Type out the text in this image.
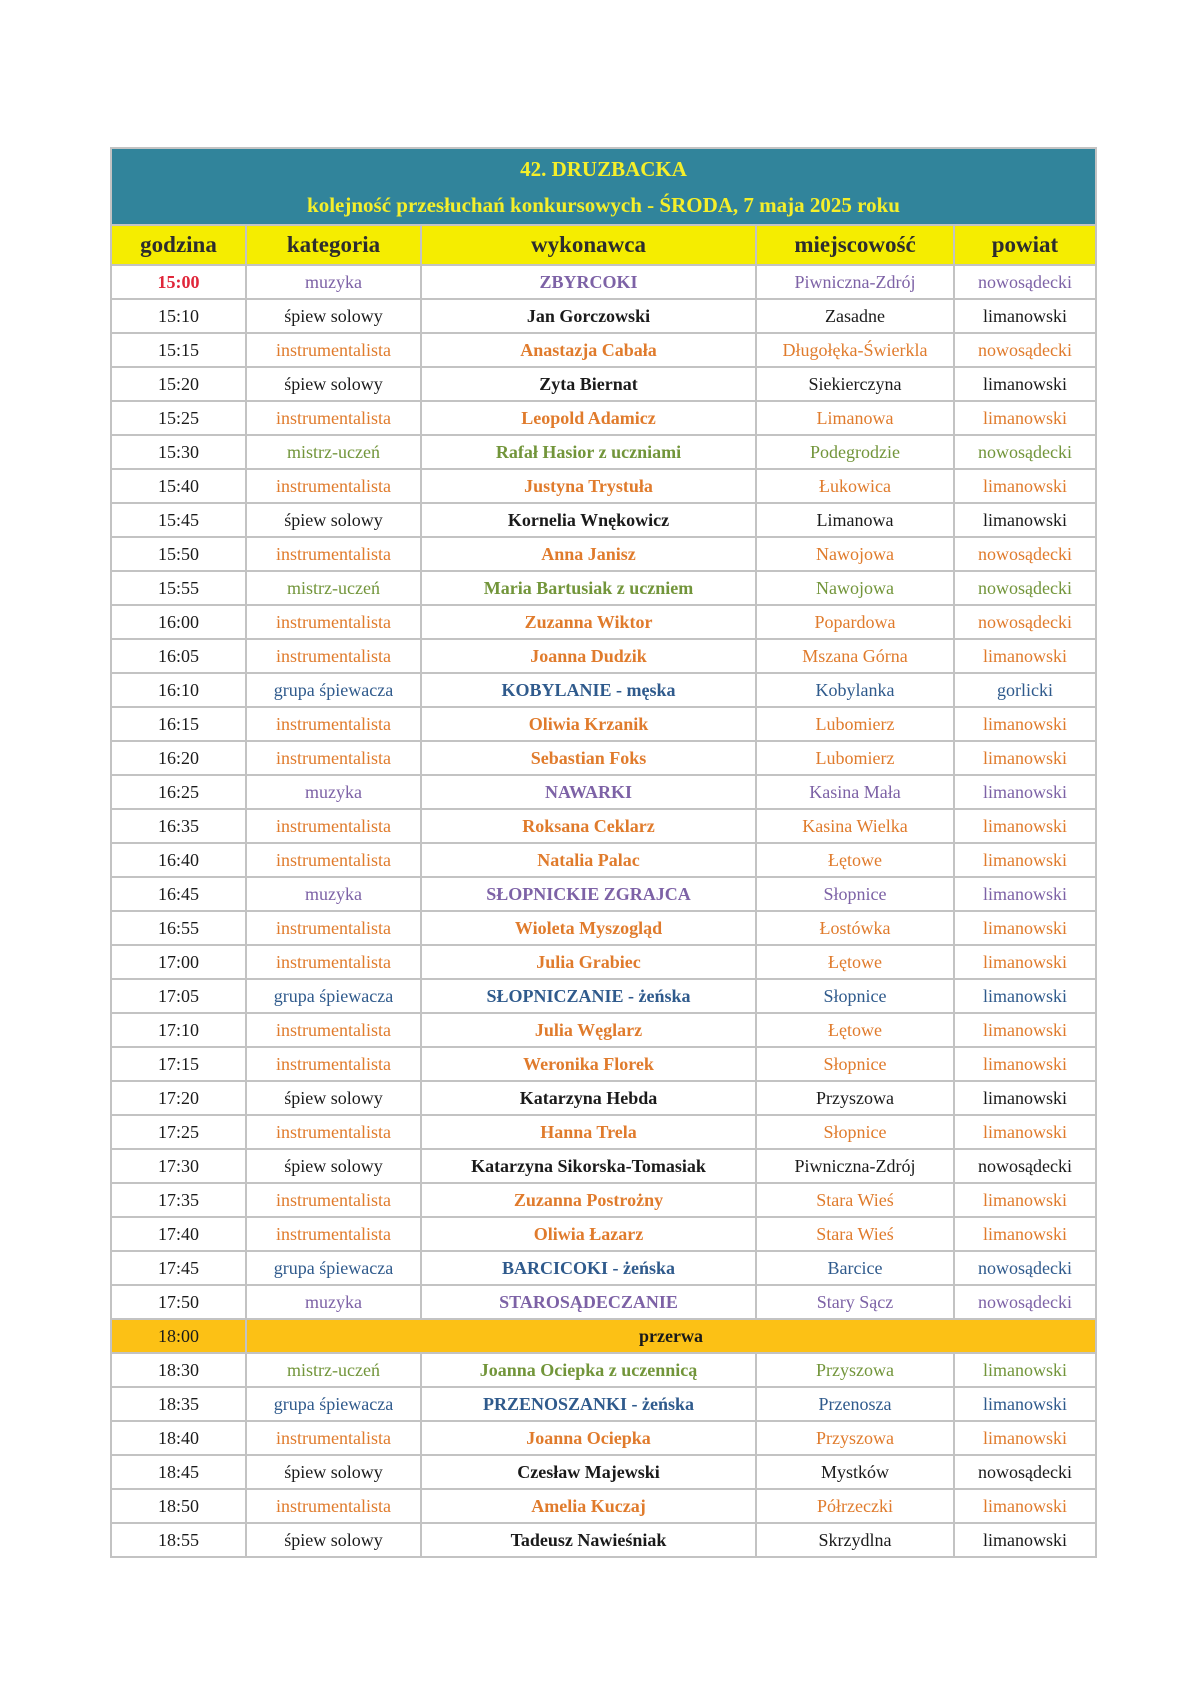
42. DRUZBACKA
kolejność przesłuchań konkursowych - ŚRODA, 7 maja 2025 roku				

godzina	kategoria	wykonawca	miejscowość	powiat
15:00	muzyka	ZBYRCOKI	Piwniczna-Zdrój	nowosądecki
15:10	śpiew solowy	Jan Gorczowski	Zasadne	limanowski
15:15	instrumentalista	Anastazja Cabała	Długołęka-Świerkla	nowosądecki
15:20	śpiew solowy	Zyta Biernat	Siekierczyna	limanowski
15:25	instrumentalista	Leopold Adamicz	Limanowa	limanowski
15:30	mistrz-uczeń	Rafał Hasior z uczniami	Podegrodzie	nowosądecki
15:40	instrumentalista	Justyna Trystuła	Łukowica	limanowski
15:45	śpiew solowy	Kornelia Wnękowicz	Limanowa	limanowski
15:50	instrumentalista	Anna Janisz	Nawojowa	nowosądecki
15:55	mistrz-uczeń	Maria Bartusiak z uczniem	Nawojowa	nowosądecki
16:00	instrumentalista	Zuzanna Wiktor	Popardowa	nowosądecki
16:05	instrumentalista	Joanna Dudzik	Mszana Górna	limanowski
16:10	grupa śpiewacza	KOBYLANIE - męska	Kobylanka	gorlicki
16:15	instrumentalista	Oliwia Krzanik	Lubomierz	limanowski
16:20	instrumentalista	Sebastian Foks	Lubomierz	limanowski
16:25	muzyka	NAWARKI	Kasina Mała	limanowski
16:35	instrumentalista	Roksana Ceklarz	Kasina Wielka	limanowski
16:40	instrumentalista	Natalia Palac	Łętowe	limanowski
16:45	muzyka	SŁOPNICKIE ZGRAJCA	Słopnice	limanowski
16:55	instrumentalista	Wioleta Myszogląd	Łostówka	limanowski
17:00	instrumentalista	Julia Grabiec	Łętowe	limanowski
17:05	grupa śpiewacza	SŁOPNICZANIE - żeńska	Słopnice	limanowski
17:10	instrumentalista	Julia Węglarz	Łętowe	limanowski
17:15	instrumentalista	Weronika Florek	Słopnice	limanowski
17:20	śpiew solowy	Katarzyna Hebda	Przyszowa	limanowski
17:25	instrumentalista	Hanna Trela	Słopnice	limanowski
17:30	śpiew solowy	Katarzyna Sikorska-Tomasiak	Piwniczna-Zdrój	nowosądecki
17:35	instrumentalista	Zuzanna Postrożny	Stara Wieś	limanowski
17:40	instrumentalista	Oliwia Łazarz	Stara Wieś	limanowski
17:45	grupa śpiewacza	BARCICOKI - żeńska	Barcice	nowosądecki
17:50	muzyka	STAROSĄDECZANIE	Stary Sącz	nowosądecki
18:00	przerwa			
18:30	mistrz-uczeń	Joanna Ociepka z uczennicą	Przyszowa	limanowski
18:35	grupa śpiewacza	PRZENOSZANKI - żeńska	Przenosza	limanowski
18:40	instrumentalista	Joanna Ociepka	Przyszowa	limanowski
18:45	śpiew solowy	Czesław Majewski	Mystków	nowosądecki
18:50	instrumentalista	Amelia Kuczaj	Półrzeczki	limanowski
18:55	śpiew solowy	Tadeusz Nawieśniak	Skrzydlna	limanowski
